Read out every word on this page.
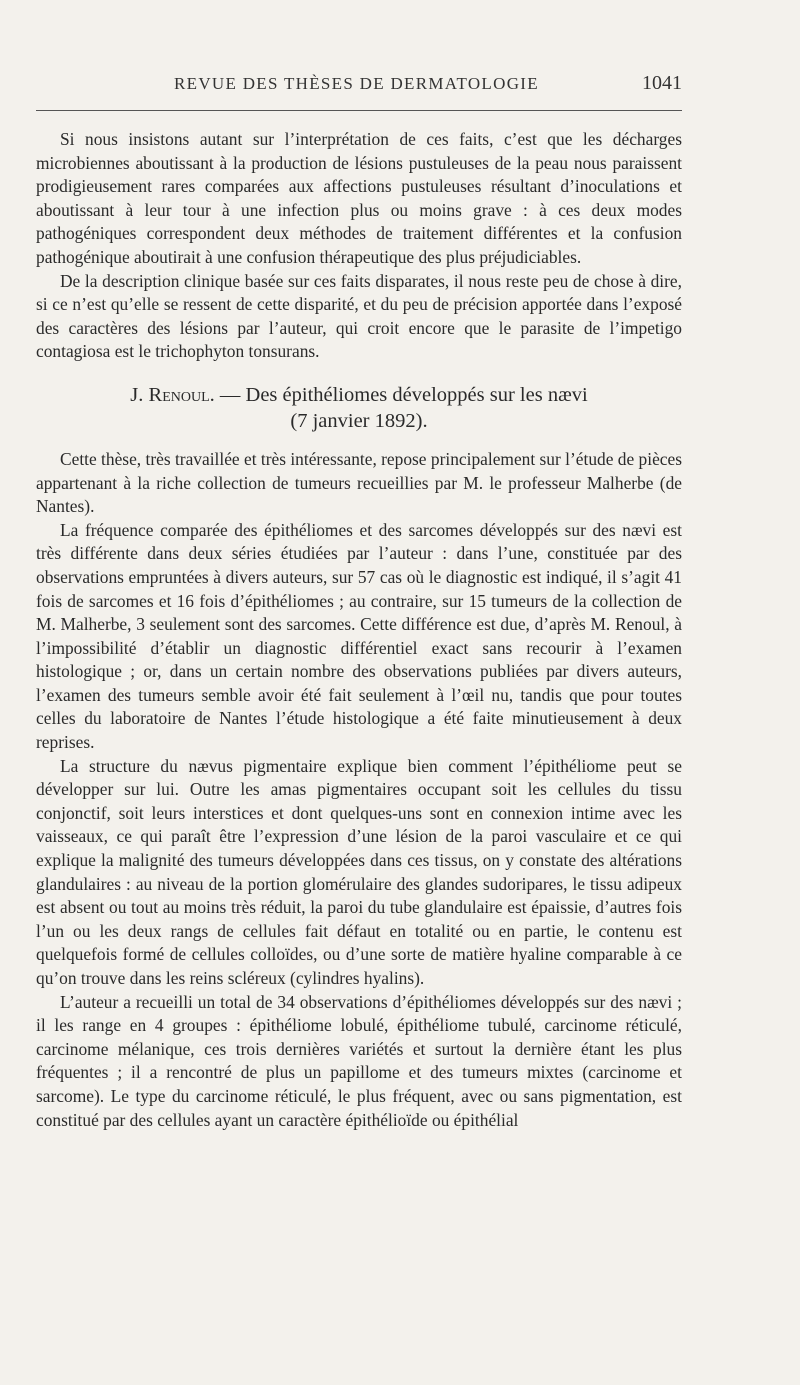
REVUE DES THÈSES DE DERMATOLOGIE	1041

Si nous insistons autant sur l’interprétation de ces faits, c’est que les décharges microbiennes aboutissant à la production de lésions pustuleuses de la peau nous paraissent prodigieusement rares comparées aux affections pustuleuses résultant d’inoculations et aboutissant à leur tour à une infection plus ou moins grave : à ces deux modes pathogéniques correspondent deux méthodes de traitement différentes et la confusion pathogénique aboutirait à une confusion thérapeutique des plus préjudiciables.

De la description clinique basée sur ces faits disparates, il nous reste peu de chose à dire, si ce n’est qu’elle se ressent de cette disparité, et du peu de précision apportée dans l’exposé des caractères des lésions par l’auteur, qui croit encore que le parasite de l’impetigo contagiosa est le trichophyton tonsurans.

J. Renoul. — Des épithéliomes développés sur les nævi
(7 janvier 1892).

Cette thèse, très travaillée et très intéressante, repose principalement sur l’étude de pièces appartenant à la riche collection de tumeurs recueillies par M. le professeur Malherbe (de Nantes).

La fréquence comparée des épithéliomes et des sarcomes développés sur des nævi est très différente dans deux séries étudiées par l’auteur : dans l’une, constituée par des observations empruntées à divers auteurs, sur 57 cas où le diagnostic est indiqué, il s’agit 41 fois de sarcomes et 16 fois d’épithéliomes ; au contraire, sur 15 tumeurs de la collection de M. Malherbe, 3 seulement sont des sarcomes. Cette différence est due, d’après M. Renoul, à l’impossibilité d’établir un diagnostic différentiel exact sans recourir à l’examen histologique ; or, dans un certain nombre des observations publiées par divers auteurs, l’examen des tumeurs semble avoir été fait seulement à l’œil nu, tandis que pour toutes celles du laboratoire de Nantes l’étude histologique a été faite minutieusement à deux reprises.

La structure du nævus pigmentaire explique bien comment l’épithéliome peut se développer sur lui. Outre les amas pigmentaires occupant soit les cellules du tissu conjonctif, soit leurs interstices et dont quelques-uns sont en connexion intime avec les vaisseaux, ce qui paraît être l’expression d’une lésion de la paroi vasculaire et ce qui explique la malignité des tumeurs développées dans ces tissus, on y constate des altérations glandulaires : au niveau de la portion glomérulaire des glandes sudoripares, le tissu adipeux est absent ou tout au moins très réduit, la paroi du tube glandulaire est épaissie, d’autres fois l’un ou les deux rangs de cellules fait défaut en totalité ou en partie, le contenu est quelquefois formé de cellules colloïdes, ou d’une sorte de matière hyaline comparable à ce qu’on trouve dans les reins scléreux (cylindres hyalins).

L’auteur a recueilli un total de 34 observations d’épithéliomes développés sur des nævi ; il les range en 4 groupes : épithéliome lobulé, épithéliome tubulé, carcinome réticulé, carcinome mélanique, ces trois dernières variétés et surtout la dernière étant les plus fréquentes ; il a rencontré de plus un papillome et des tumeurs mixtes (carcinome et sarcome). Le type du carcinome réticulé, le plus fréquent, avec ou sans pigmentation, est constitué par des cellules ayant un caractère épithélioïde ou épithélial
